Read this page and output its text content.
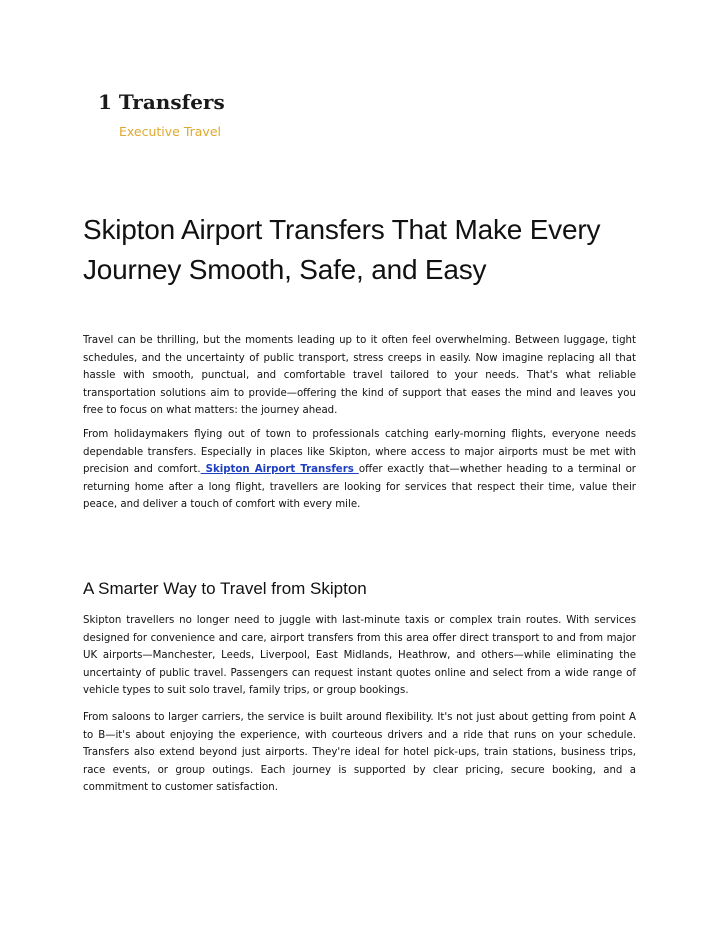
1 Transfers
Executive Travel
Skipton Airport Transfers That Make Every Journey Smooth, Safe, and Easy

Travel can be thrilling, but the moments leading up to it often feel overwhelming. Between luggage, tight schedules, and the uncertainty of public transport, stress creeps in easily. Now imagine replacing all that hassle with smooth, punctual, and comfortable travel tailored to your needs. That's what reliable transportation solutions aim to provide—offering the kind of support that eases the mind and leaves you free to focus on what matters: the journey ahead.

From holidaymakers flying out of town to professionals catching early-morning flights, everyone needs dependable transfers. Especially in places like Skipton, where access to major airports must be met with precision and comfort. Skipton Airport Transfers offer exactly that—whether heading to a terminal or returning home after a long flight, travellers are looking for services that respect their time, value their peace, and deliver a touch of comfort with every mile.

A Smarter Way to Travel from Skipton

Skipton travellers no longer need to juggle with last-minute taxis or complex train routes. With services designed for convenience and care, airport transfers from this area offer direct transport to and from major UK airports—Manchester, Leeds, Liverpool, East Midlands, Heathrow, and others—while eliminating the uncertainty of public travel. Passengers can request instant quotes online and select from a wide range of vehicle types to suit solo travel, family trips, or group bookings.

From saloons to larger carriers, the service is built around flexibility. It's not just about getting from point A to B—it's about enjoying the experience, with courteous drivers and a ride that runs on your schedule. Transfers also extend beyond just airports. They're ideal for hotel pick-ups, train stations, business trips, race events, or group outings. Each journey is supported by clear pricing, secure booking, and a commitment to customer satisfaction.
